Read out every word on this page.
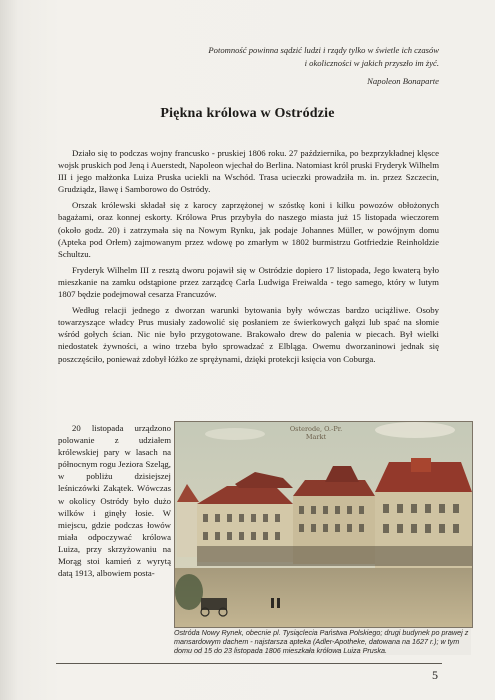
Potomność powinna sądzić ludzi i rządy tylko w świetle ich czasów
i okoliczności w jakich przyszło im żyć.
Napoleon Bonaparte
Piękna królowa w Ostródzie

Działo się to podczas wojny francusko - pruskiej 1806 roku. 27 października, po bezprzykładnej klęsce wojsk pruskich pod Jeną i Auerstedt, Napoleon wjechał do Berlina. Natomiast król pruski Fryderyk Wilhelm III i jego małżonka Luiza Pruska uciekli na Wschód. Trasa ucieczki prowadziła m. in. przez Szczecin, Grudziądz, Iławę i Samborowo do Ostródy.

Orszak królewski składał się z karocy zaprzężonej w szóstkę koni i kilku powozów obłożonych bagażami, oraz konnej eskorty. Królowa Prus przybyła do naszego miasta już 15 listopada wieczorem (około godz. 20) i zatrzymała się na Nowym Rynku, jak podaje Johannes Müller, w powójnym domu (Apteka pod Orłem) zajmowanym przez wdowę po zmarłym w 1802 burmistrzu Gotfriedzie Reinholdzie Schultzu.

Fryderyk Wilhelm III z resztą dworu pojawił się w Ostródzie dopiero 17 listopada, Jego kwaterą było mieszkanie na zamku odstąpione przez zarządcę Carla Ludwiga Freiwalda - tego samego, który w lutym 1807 będzie podejmował cesarza Francuzów.

Według relacji jednego z dworzan warunki bytowania były wówczas bardzo uciążliwe. Osoby towarzyszące władcy Prus musiały zadowolić się posłaniem ze świerkowych gałęzi lub spać na słomie wśród gołych ścian. Nic nie było przygotowane. Brakowało drew do palenia w piecach. Był wielki niedostatek żywności, a wino trzeba było sprowadzać z Elbląga. Owemu dworzaninowi jednak się poszczęściło, ponieważ zdobył łóżko ze sprężynami, dzięki protekcji księcia von Coburga.

20 listopada urządzono polowanie z udziałem królewskiej pary w lasach na północnym rogu Jeziora Szeląg, w pobliżu dzisiejszej leśniczówki Zakątek. Wówczas w okolicy Ostródy było dużo wilków i ginęły łosie. W miejscu, gdzie podczas łowów miała odpoczywać królowa Luiza, przy skrzyżowaniu na Morąg stoi kamień z wyrytą datą 1913, albowiem posta-

Osterode, O.-Pr.
Markt
Ostróda Nowy Rynek, obecnie pl. Tysiąclecia Państwa Polskiego; drugi budynek po prawej z mansardowym dachem - najstarsza apteka (Adler-Apotheke, datowana na 1627 r.); w tym domu od 15 do 23 listopada 1806 mieszkała królowa Luiza Pruska.
5
